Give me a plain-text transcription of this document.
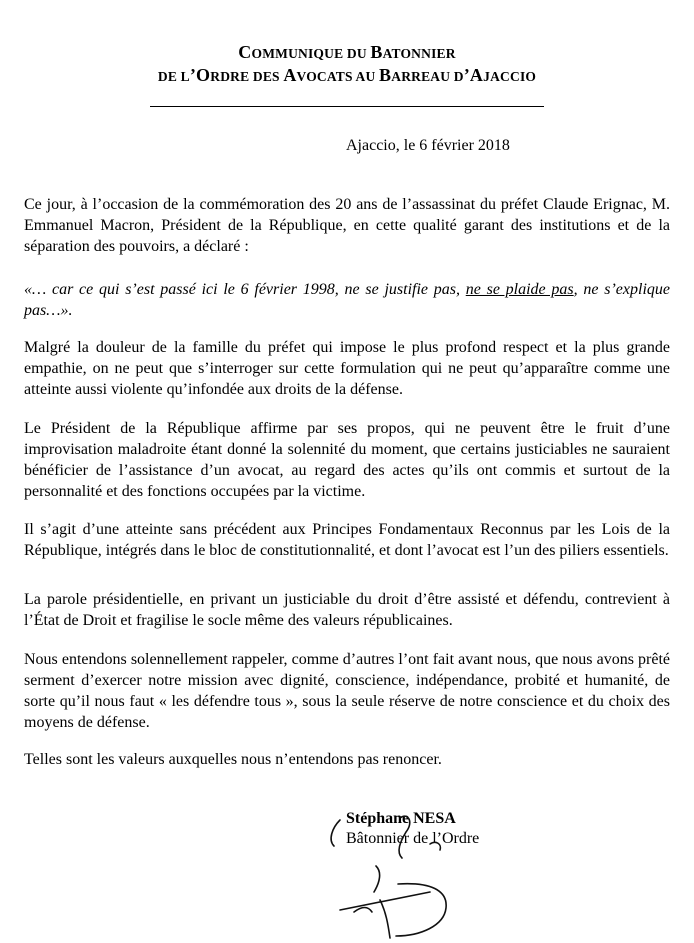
COMMUNIQUE DU BATONNIER
DE L’ORDRE DES AVOCATS AU BARREAU D’AJACCIO
Ajaccio, le 6 février 2018
Ce jour, à l’occasion de la commémoration des 20 ans de l’assassinat du préfet Claude Erignac, M. Emmanuel Macron, Président de la République, en cette qualité garant des institutions et de la séparation des pouvoirs, a déclaré :
«… car ce qui s’est passé ici le 6 février 1998, ne se justifie pas, ne se plaide pas, ne s’explique pas…».
Malgré la douleur de la famille du préfet qui impose le plus profond respect et la plus grande empathie, on ne peut que s’interroger sur cette formulation qui ne peut qu’apparaître comme une atteinte aussi violente qu’infondée aux droits de la défense.
Le Président de la République affirme par ses propos, qui ne peuvent être le fruit d’une improvisation maladroite étant donné la solennité du moment, que certains justiciables ne sauraient bénéficier de l’assistance d’un avocat, au regard des actes qu’ils ont commis et surtout de la personnalité et des fonctions occupées par la victime.
Il s’agit d’une atteinte sans précédent aux Principes Fondamentaux Reconnus par les Lois de la République, intégrés dans le bloc de constitutionnalité, et dont l’avocat est l’un des piliers essentiels.
La parole présidentielle, en privant un justiciable du droit d’être assisté et défendu, contrevient à l’État de Droit et fragilise le socle même des valeurs républicaines.
Nous entendons solennellement rappeler, comme d’autres l’ont fait avant nous, que nous avons prêté serment d’exercer notre mission avec dignité, conscience, indépendance, probité et humanité, de sorte qu’il nous faut « les défendre tous », sous la seule réserve de notre conscience et du choix des moyens de défense.
Telles sont les valeurs auxquelles nous n’entendons pas renoncer.
Stéphane NESA
Bâtonnier de l’Ordre
